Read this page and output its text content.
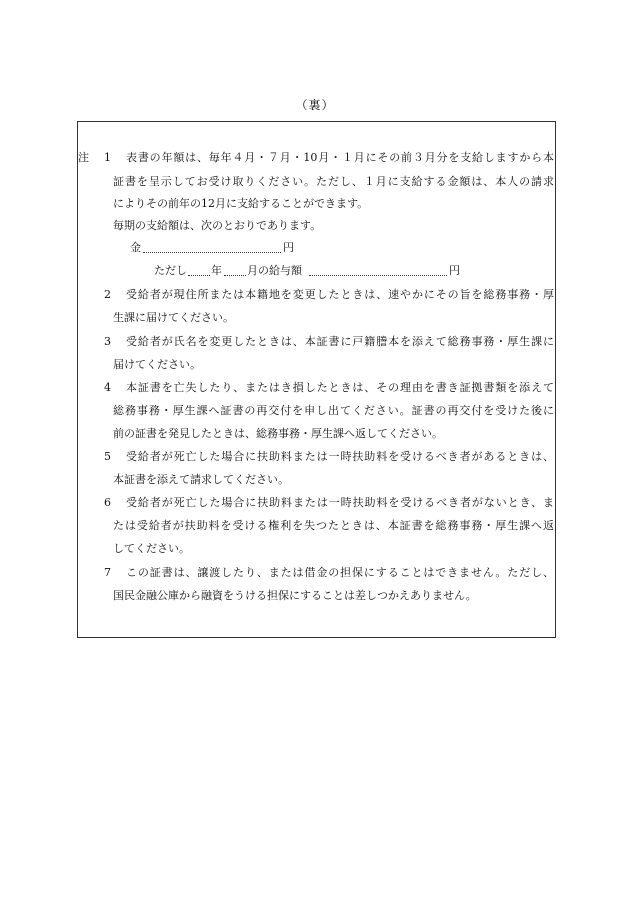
（裏）
注 1 表書の年額は、毎年４月・７月・10月・１月にその前３月分を支給しますから本
証書を呈示してお受け取りください。ただし、１月に支給する金額は、本人の請求
によりその前年の12月に支給することができます。
毎期の支給額は、次のとおりであります。
金	円
ただし 年 月の給与額	円
2 受給者が現住所または本籍地を変更したときは、速やかにその旨を総務事務・厚
生課に届けてください。
3 受給者が氏名を変更したときは、本証書に戸籍謄本を添えて総務事務・厚生課に
届けてください。
4 本証書を亡失したり、またはき損したときは、その理由を書き証拠書類を添えて
総務事務・厚生課へ証書の再交付を申し出てください。証書の再交付を受けた後に
前の証書を発見したときは、総務事務・厚生課へ返してください。
5 受給者が死亡した場合に扶助料または一時扶助料を受けるべき者があるときは、
本証書を添えて請求してください。
6 受給者が死亡した場合に扶助料または一時扶助料を受けるべき者がないとき、ま
たは受給者が扶助料を受ける権利を失つたときは、本証書を総務事務・厚生課へ返
してください。
7 この証書は、譲渡したり、または借金の担保にすることはできません。ただし、
国民金融公庫から融資をうける担保にすることは差しつかえありません。
